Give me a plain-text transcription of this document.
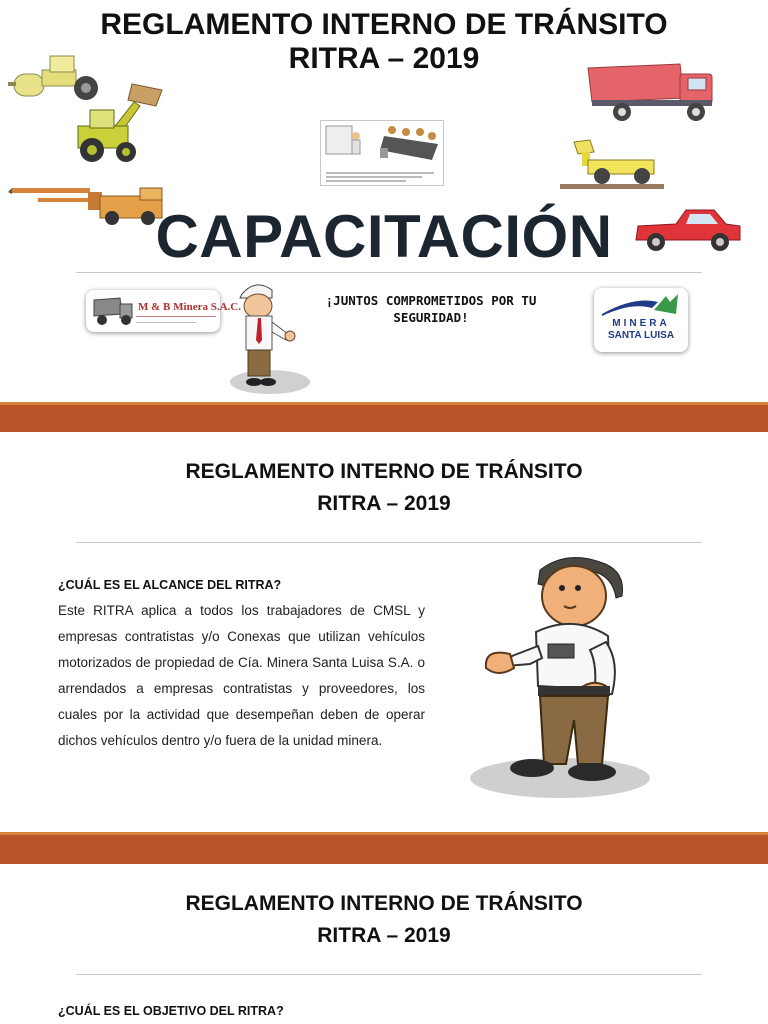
REGLAMENTO INTERNO DE TRÁNSITO
RITRA – 2019
CAPACITACIÓN
M & B Minera S.A.C.	¡JUNTOS COMPROMETIDOS POR TU
SEGURIDAD!	MINERA
SANTA LUISA
REGLAMENTO INTERNO DE TRÁNSITO
RITRA – 2019
¿CUÁL ES EL ALCANCE DEL RITRA?
Este RITRA aplica a todos los trabajadores de CMSL y empresas contratistas y/o Conexas que utilizan vehículos motorizados de propiedad de Cía. Minera Santa Luisa S.A. o arrendados a empresas contratistas y proveedores, los cuales por la actividad que desempeñan deben de operar dichos vehículos dentro y/o fuera de la unidad minera.
REGLAMENTO INTERNO DE TRÁNSITO
RITRA – 2019
¿CUÁL ES EL OBJETIVO DEL RITRA?
